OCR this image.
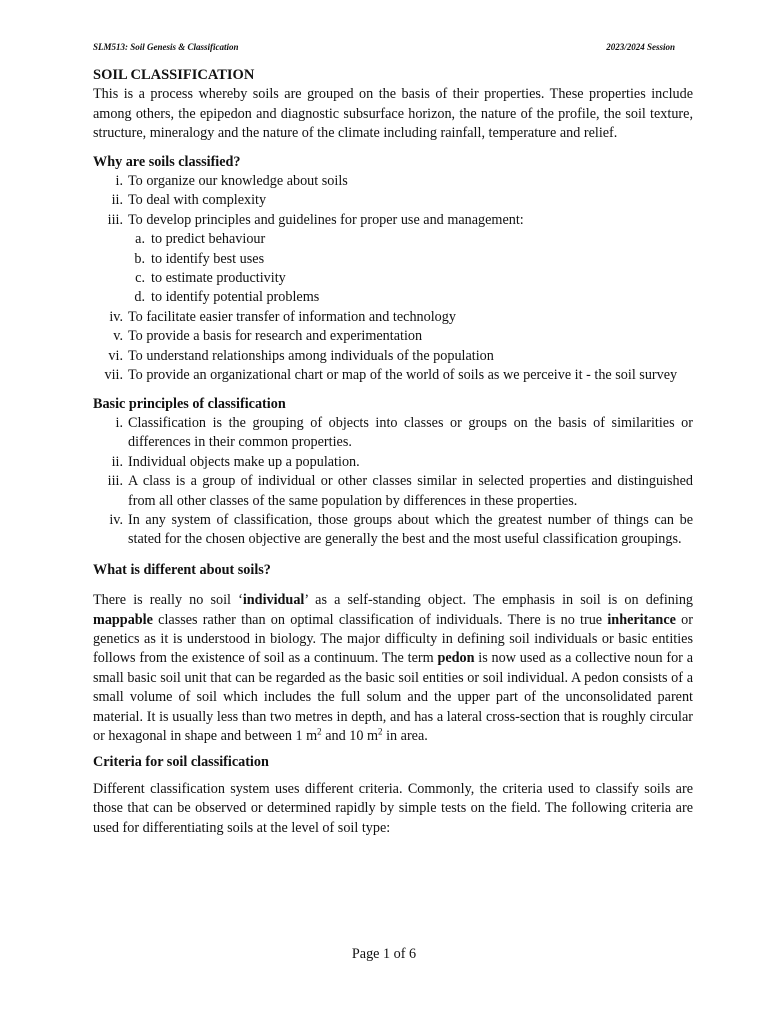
SLM513: Soil Genesis & Classification	2023/2024 Session

SOIL CLASSIFICATION

This is a process whereby soils are grouped on the basis of their properties. These properties include among others, the epipedon and diagnostic subsurface horizon, the nature of the profile, the soil texture, structure, mineralogy and the nature of the climate including rainfall, temperature and relief.

Why are soils classified?

i. To organize our knowledge about soils
ii. To deal with complexity
iii. To develop principles and guidelines for proper use and management:
a. to predict behaviour
b. to identify best uses
c. to estimate productivity
d. to identify potential problems
iv. To facilitate easier transfer of information and technology
v. To provide a basis for research and experimentation
vi. To understand relationships among individuals of the population
vii. To provide an organizational chart or map of the world of soils as we perceive it - the soil survey

Basic principles of classification

i. Classification is the grouping of objects into classes or groups on the basis of similarities or differences in their common properties.
ii. Individual objects make up a population.
iii. A class is a group of individual or other classes similar in selected properties and distinguished from all other classes of the same population by differences in these properties.
iv. In any system of classification, those groups about which the greatest number of things can be stated for the chosen objective are generally the best and the most useful classification groupings.

What is different about soils?

There is really no soil ‘individual’ as a self-standing object. The emphasis in soil is on defining mappable classes rather than on optimal classification of individuals. There is no true inheritance or genetics as it is understood in biology. The major difficulty in defining soil individuals or basic entities follows from the existence of soil as a continuum. The term pedon is now used as a collective noun for a small basic soil unit that can be regarded as the basic soil entities or soil individual. A pedon consists of a small volume of soil which includes the full solum and the upper part of the unconsolidated parent material. It is usually less than two metres in depth, and has a lateral cross-section that is roughly circular or hexagonal in shape and between 1 $m^2$ and 10 $m^2$ in area.

Criteria for soil classification

Different classification system uses different criteria. Commonly, the criteria used to classify soils are those that can be observed or determined rapidly by simple tests on the field. The following criteria are used for differentiating soils at the level of soil type:

Page 1 of 6
